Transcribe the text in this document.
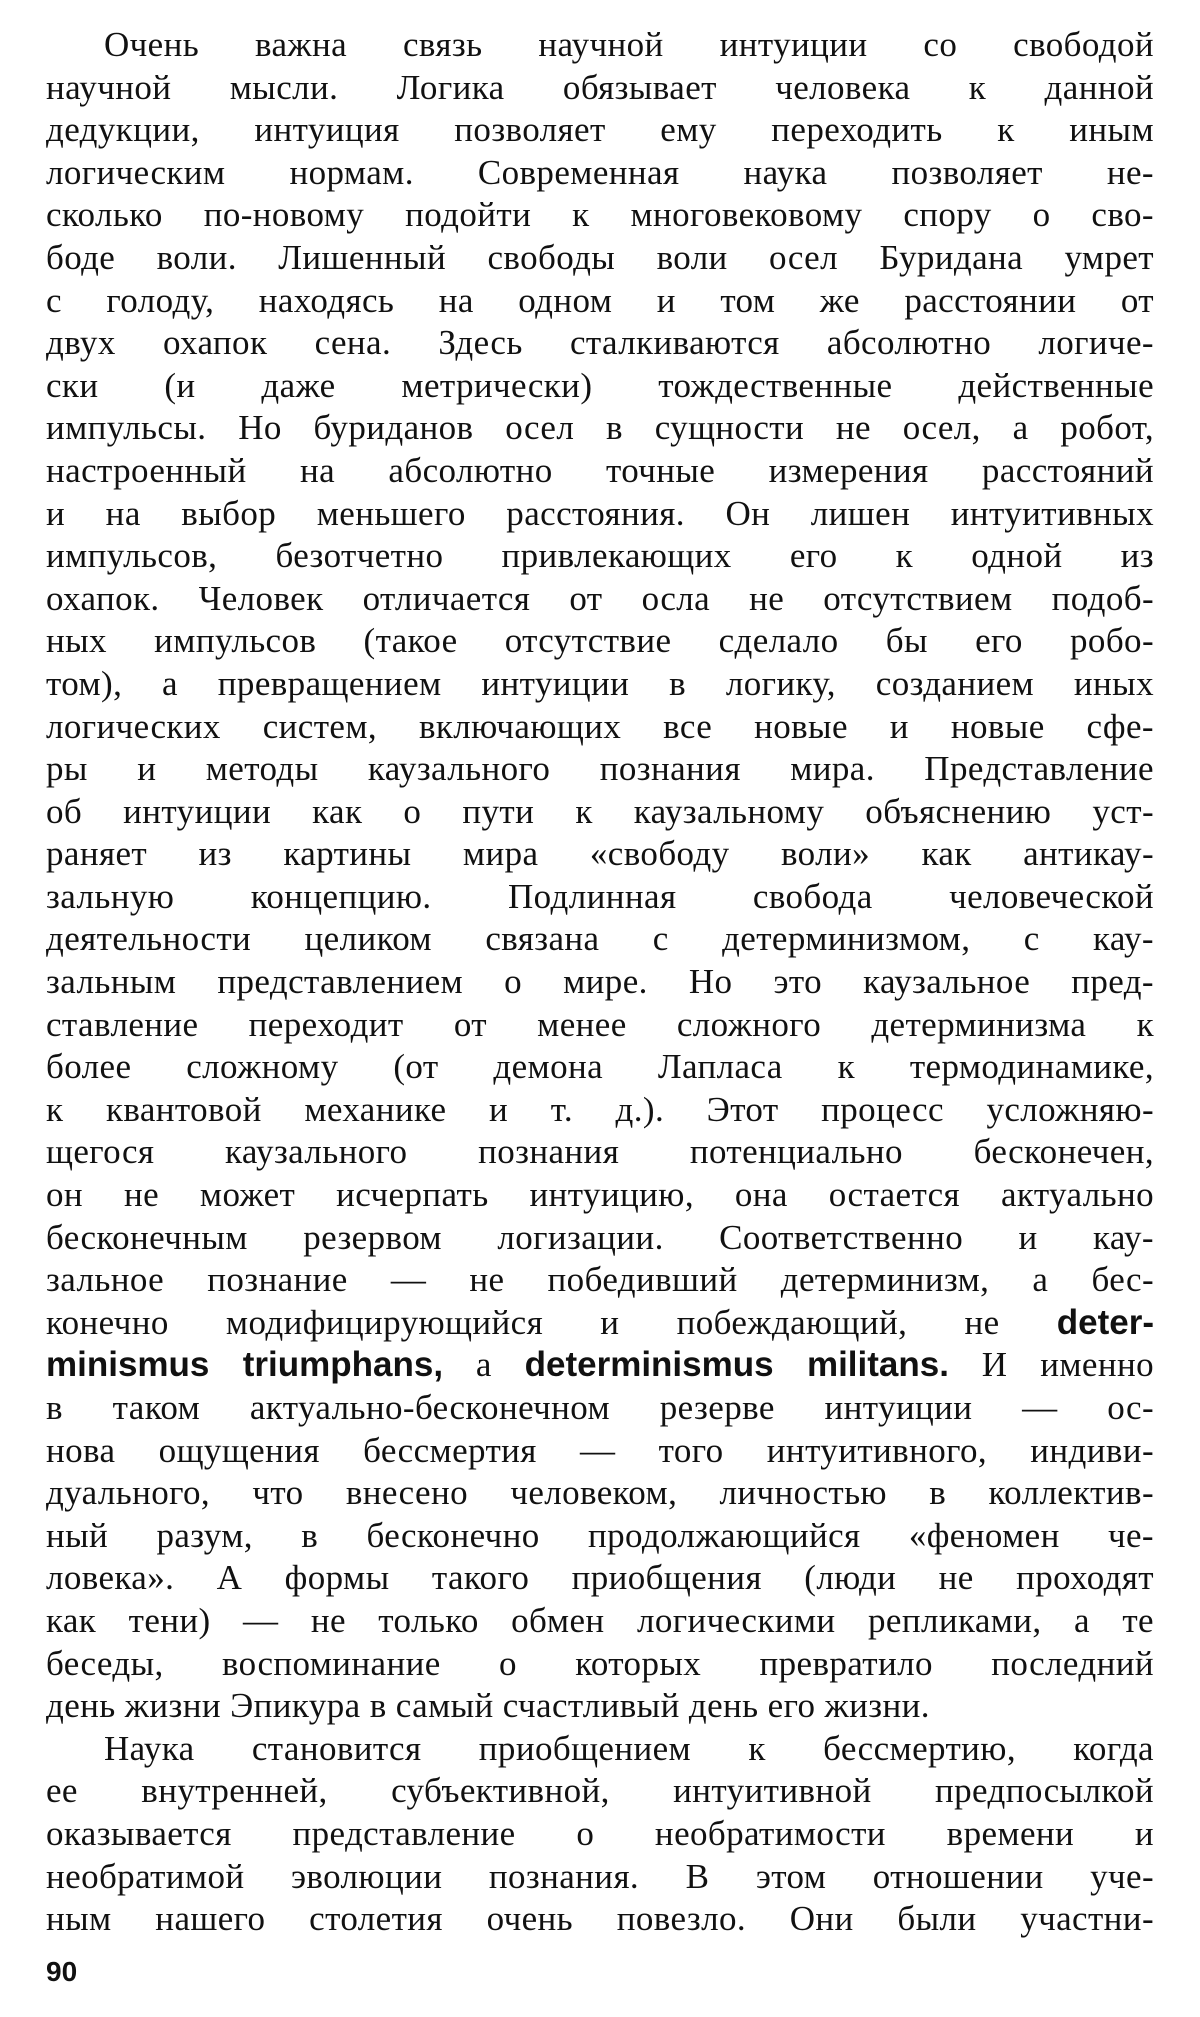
Очень важна связь научной интуиции со свободой
научной мысли. Логика обязывает человека к данной
дедукции, интуиция позволяет ему переходить к иным
логическим нормам. Современная наука позволяет не-
сколько по-новому подойти к многовековому спору о сво-
боде воли. Лишенный свободы воли осел Буридана умрет
с голоду, находясь на одном и том же расстоянии от
двух охапок сена. Здесь сталкиваются абсолютно логиче-
ски (и даже метрически) тождественные действенные
импульсы. Но буриданов осел в сущности не осел, а робот,
настроенный на абсолютно точные измерения расстояний
и на выбор меньшего расстояния. Он лишен интуитивных
импульсов, безотчетно привлекающих его к одной из
охапок. Человек отличается от осла не отсутствием подоб-
ных импульсов (такое отсутствие сделало бы его робо-
том), а превращением интуиции в логику, созданием иных
логических систем, включающих все новые и новые сфе-
ры и методы каузального познания мира. Представление
об интуиции как о пути к каузальному объяснению уст-
раняет из картины мира «свободу воли» как антикау-
зальную концепцию. Подлинная свобода человеческой
деятельности целиком связана с детерминизмом, с кау-
зальным представлением о мире. Но это каузальное пред-
ставление переходит от менее сложного детерминизма к
более сложному (от демона Лапласа к термодинамике,
к квантовой механике и т. д.). Этот процесс усложняю-
щегося каузального познания потенциально бесконечен,
он не может исчерпать интуицию, она остается актуально
бесконечным резервом логизации. Соответственно и кау-
зальное познание — не победивший детерминизм, а бес-
конечно модифицирующийся и побеждающий, не deter-
minismus triumphans, а determinismus militans. И именно
в таком актуально-бесконечном резерве интуиции — ос-
нова ощущения бессмертия — того интуитивного, индиви-
дуального, что внесено человеком, личностью в коллектив-
ный разум, в бесконечно продолжающийся «феномен че-
ловека». А формы такого приобщения (люди не проходят
как тени) — не только обмен логическими репликами, а те
беседы, воспоминание о которых превратило последний
день жизни Эпикура в самый счастливый день его жизни.
Наука становится приобщением к бессмертию, когда
ее внутренней, субъективной, интуитивной предпосылкой
оказывается представление о необратимости времени и
необратимой эволюции познания. В этом отношении уче-
ным нашего столетия очень повезло. Они были участни-
90
